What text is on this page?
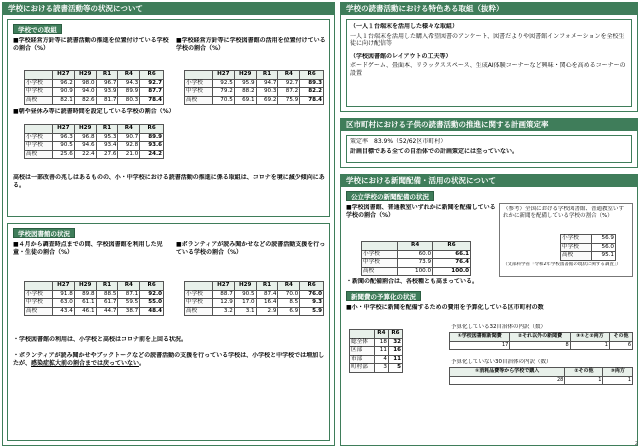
学校における読書活動等の状況について
学校での取組
■学校経営方針等に読書活動の推進を位置付けている学校の割合（%）
	H27	H29	R1	R4	R6
小学校	96.2	98.0	96.7	94.3	92.7
中学校	90.9	94.0	93.9	89.9	87.7
高校	82.1	82.6	81.7	80.3	78.4
■学校経営方針等に学校図書館の活用を位置付けている学校の割合（%）
	H27	H29	R1	R4	R6
小学校	92.5	95.9	94.7	92.7	89.3
中学校	79.2	88.2	90.3	87.2	82.2
高校	70.5	69.1	69.2	75.9	78.4
■朝や昼休み等に読書時間を設定している学校の割合（%）
	H27	H29	R1	R4	R6
小学校	96.3	96.8	95.3	90.7	89.9
中学校	90.5	94.6	93.4	92.8	93.6
高校	25.6	22.4	27.6	21.0	24.2
高校は一部改善の兆しはあるものの、小・中学校における読書活動の推進に係る取組は、コロナを境に減少傾向にある。
学校図書館の状況
■４月から調査時点までの間、学校図書館を利用した児童・生徒の割合（%）
	H27	H29	R1	R4	R6
小学校	91.8	89.8	88.5	87.1	92.0
中学校	63.0	61.1	61.7	59.5	55.0
高校	43.4	46.1	44.7	38.7	48.4
■ボランティアが読み聞かせなどの読書活動支援を行っている学校の割合（%）
	H27	H29	R1	R4	R6
小学校	88.7	90.5	87.4	70.0	76.0
中学校	12.9	17.0	16.4	8.5	9.3
高校	3.2	3.1	2.9	6.9	5.9
・学校図書館の利用は、小学校と高校はコロナ前を上回る状況。
・ボランティアが読み聞かせやブックトークなどの読書活動の支援を行っている学校は、小学校と中学校では増加したが、感染症拡大前の割合までは戻っていない。
学校の読書活動における特色ある取組（抜粋）
（一人１台端末を活用した様々な取組）
一人１台端末を活用した購入希望図書のアンケート、図書だよりや図書館インフォメーションを全校生徒に向け配信等
（学校図書館のレイアウトの工夫等）
ボードゲーム、畳面本、リラックススペース、生成AI体験コーナーなど興味・関心を高めるコーナーの設置
区市町村における子供の読書活動の推進に関する計画策定率
策定率　83.9%（52/62区市町村）
計画目標である全ての自治体での計画策定には至っていない。
学校における新聞配備・活用の状況について
公立学校の新聞配備の状況
■学校図書館、普通教室いずれかに新聞を配備している学校の割合（%）
	R4	R6
小学校	60.0	66.1
中学校	73.9	76.4
高校	100.0	100.0
（参考）全国における学校図書館、普通教室いずれかに新聞を配備している学校の割合（%）
小学校	56.9
中学校	56.0
高校	95.1
（文部科学省「令和2年学校図書館の現状に関する調査」）
・新聞の配備割合は、各校種とも高まっている。
新聞費の予算化の状況
■小・中学校に新聞を配備するための費用を予算化している区市町村の数
	R4	R6
総全体	18	32
区部	11	16
市部	4	11
町村部	3	5
予算化している32自治体の内訳（数）
①学校図書館新聞費	②それ以外の新聞費	③①と②両方	その他
17	8	1	6
予算化していない30自治体の内訳（数）
①消耗品費等から学校で購入	②その他	③両方
28	1	1
2
